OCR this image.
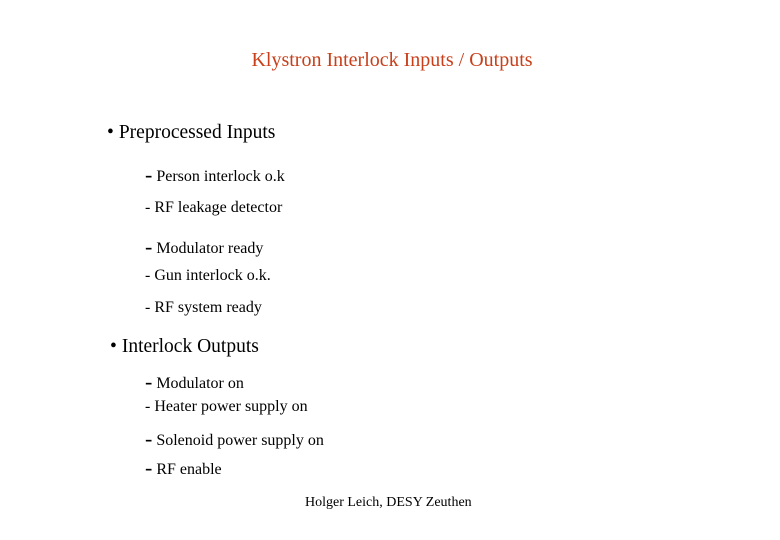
Klystron Interlock Inputs / Outputs
• Preprocessed Inputs
- Person interlock o.k
- RF leakage detector
- Modulator ready
- Gun interlock o.k.
- RF system ready
• Interlock Outputs
- Modulator on
- Heater power supply on
- Solenoid power supply on
- RF enable
Holger Leich, DESY Zeuthen
